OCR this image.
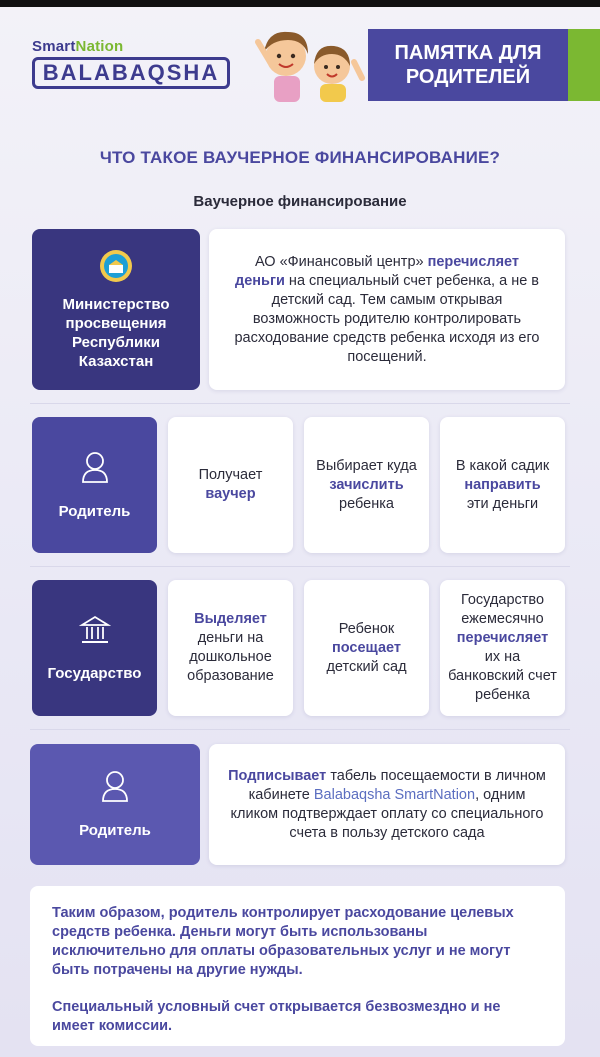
SmartNation
BALABAQSHA
ПАМЯТКА ДЛЯ
РОДИТЕЛЕЙ
ЧТО ТАКОЕ ВАУЧЕРНОЕ ФИНАНСИРОВАНИЕ?
Ваучерное финансирование
Министерство просвещения Республики Казахстан
АО «Финансовый центр» перечисляет деньги на специальный счет ребенка, а не в детский сад. Тем самым открывая возможность родителю контролировать расходование средств ребенка исходя из его посещений.
Родитель
Получает
ваучер
Выбирает куда
зачислить
ребенка
В какой садик
направить
эти деньги
Государство
Выделяет
деньги на дошкольное образование
Ребенок
посещает
детский сад
Государство ежемесячно
перечисляет
их на банковский счет ребенка
Родитель
Подписывает табель посещаемости в личном кабинете Balabaqsha SmartNation, одним кликом подтверждает оплату со специального счета в пользу детского сада

Таким образом, родитель контролирует расходование целевых средств ребенка. Деньги могут быть использованы исключительно для оплаты образовательных услуг и не могут быть потрачены на другие нужды.

Специальный условный счет открывается безвозмездно и не имеет комиссии.
